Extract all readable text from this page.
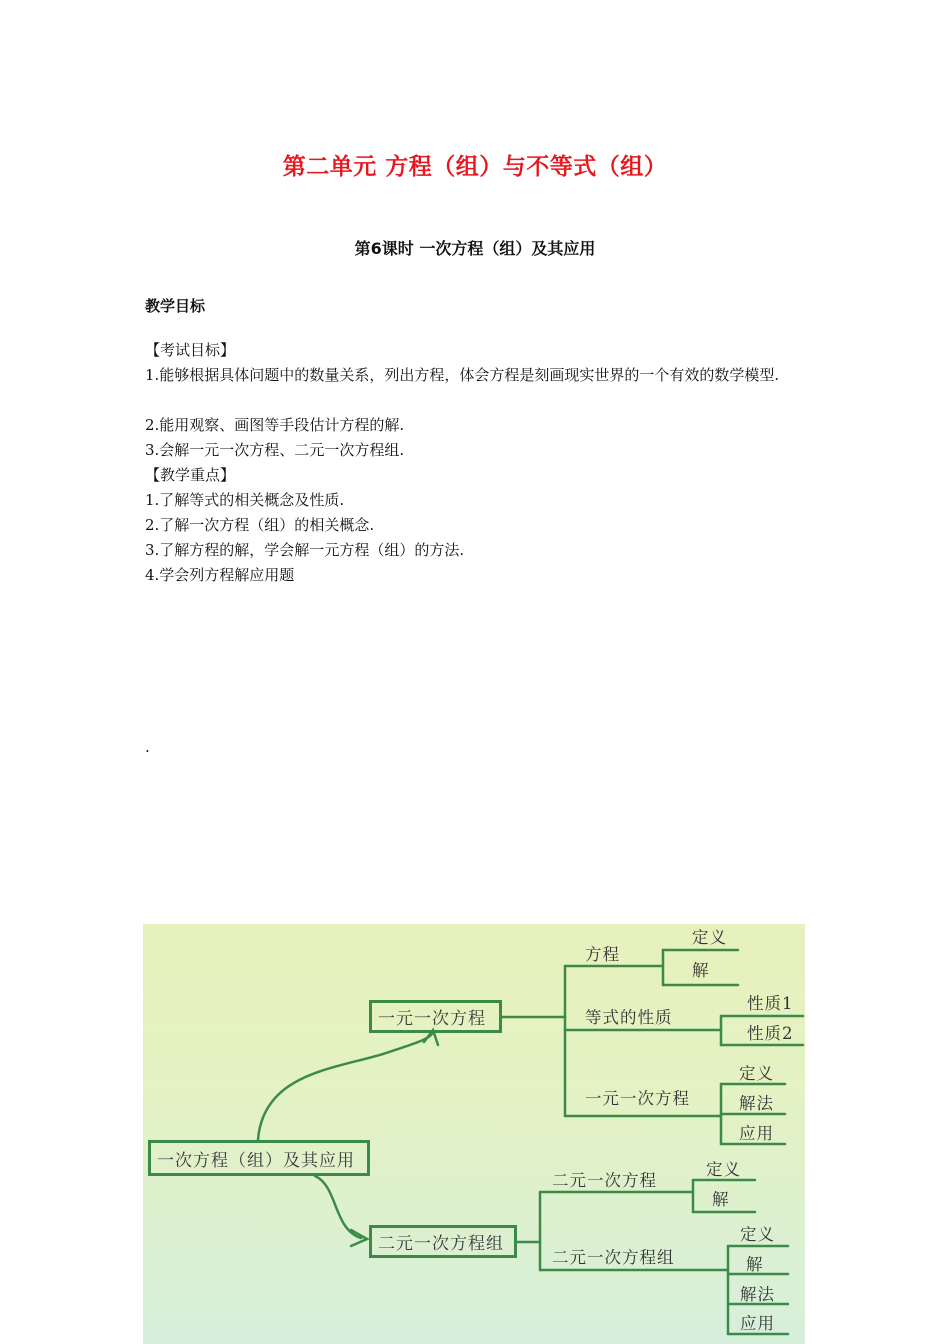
第二单元 方程（组）与不等式（组）
第6课时 一次方程（组）及其应用
教学目标
【考试目标】
1.能够根据具体问题中的数量关系，列出方程，体会方程是刻画现实世界的一个有效的数学模型.
2.能用观察、画图等手段估计方程的解.
3.会解一元一次方程、二元一次方程组.
【教学重点】
1.了解等式的相关概念及性质.
2.了解一次方程（组）的相关概念.
3.了解方程的解，学会解一元方程（组）的方法.
4.学会列方程解应用题
.
一次方程（组）及其应用
一元一次方程
二元一次方程组
方程
定义
解
等式的性质
性质1
性质2
一元一次方程
定义
解法
应用
二元一次方程
定义
解
二元一次方程组
定义
解
解法
应用
